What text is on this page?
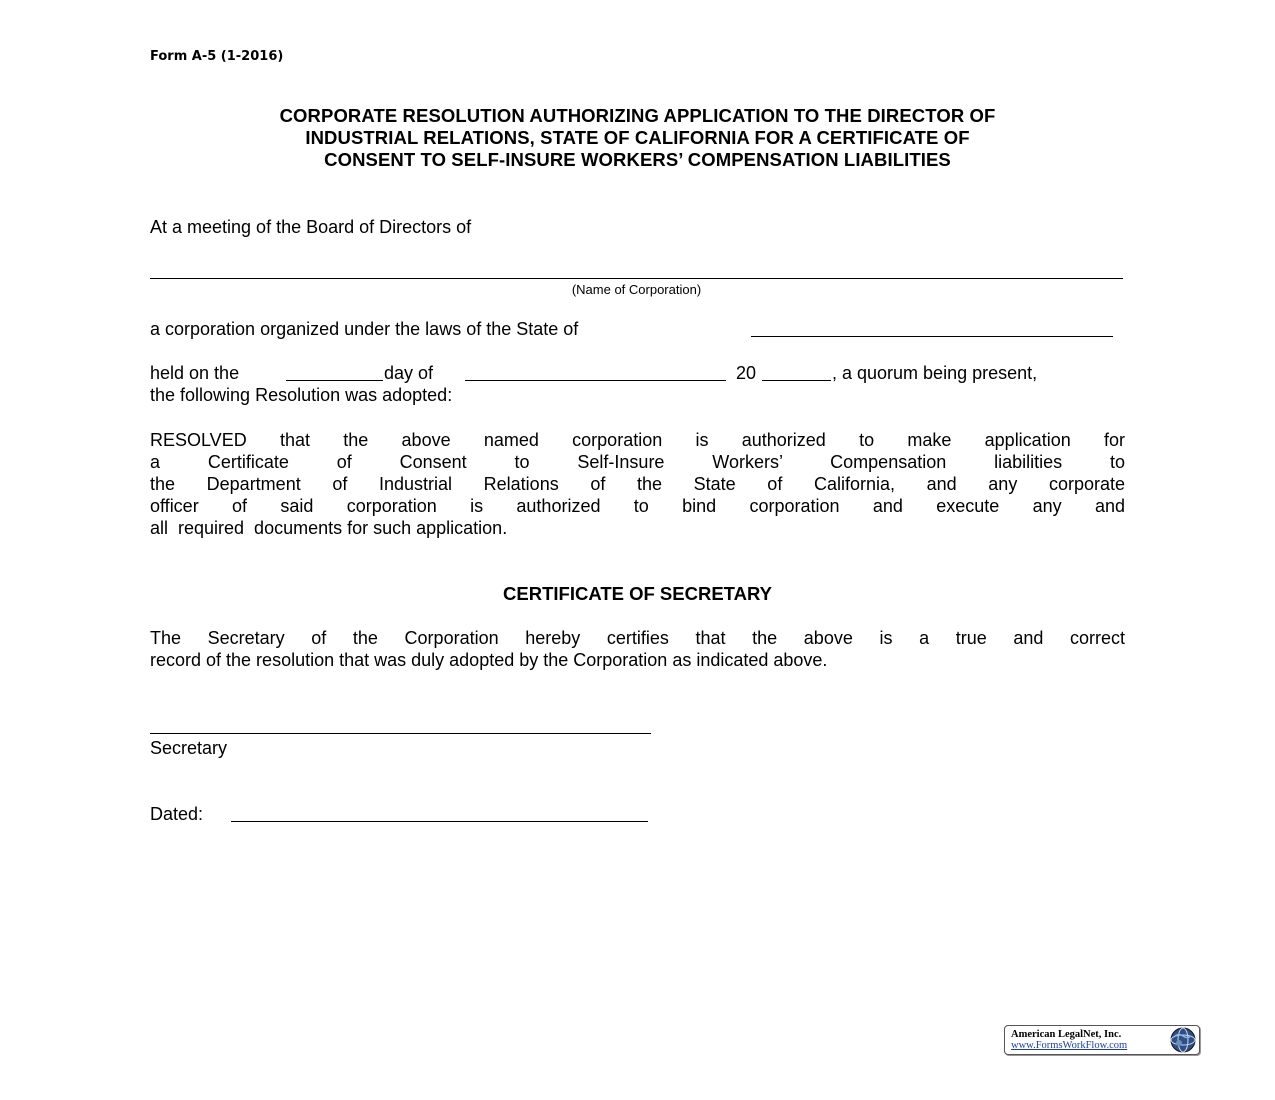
Form A-5 (1-2016)
CORPORATE RESOLUTION AUTHORIZING APPLICATION TO THE DIRECTOR OF
INDUSTRIAL RELATIONS, STATE OF CALIFORNIA FOR A CERTIFICATE OF
CONSENT TO SELF-INSURE WORKERS’ COMPENSATION LIABILITIES
At a meeting of the Board of Directors of
(Name of Corporation)
a corporation organized under the laws of the State of
held on the	day of	20	, a quorum being present,
the following Resolution was adopted:
RESOLVED that the above named corporation is authorized to make application for
a Certificate of Consent to Self-Insure Workers’ Compensation liabilities to
the Department of Industrial Relations of the State of California, and any corporate
officer of said corporation is authorized to bind corporation and execute any and
all  required  documents for such application.
CERTIFICATE OF SECRETARY
The Secretary of the Corporation hereby certifies that the above is a true and correct
record of the resolution that was duly adopted by the Corporation as indicated above.
Secretary
Dated:
American LegalNet, Inc.
www.FormsWorkFlow.com
